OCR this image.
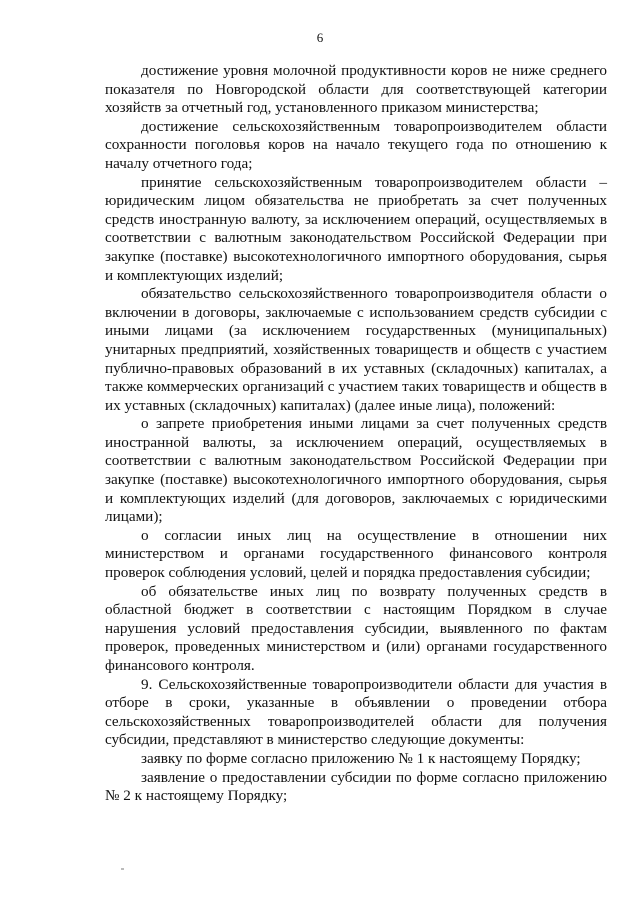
6

достижение уровня молочной продуктивности коров не ниже среднего показателя по Новгородской области для соответствующей категории хозяйств за отчетный год, установленного приказом министерства;

достижение сельскохозяйственным товаропроизводителем области сохранности поголовья коров на начало текущего года по отношению к началу отчетного года;

принятие сельскохозяйственным товаропроизводителем области – юридическим лицом обязательства не приобретать за счет полученных средств иностранную валюту, за исключением операций, осуществляемых в соответствии с валютным законодательством Российской Федерации при закупке (поставке) высокотехнологичного импортного оборудования, сырья и комплектующих изделий;

обязательство сельскохозяйственного товаропроизводителя области о включении в договоры, заключаемые с использованием средств субсидии с иными лицами (за исключением государственных (муниципальных) унитарных предприятий, хозяйственных товариществ и обществ с участием публично-правовых образований в их уставных (складочных) капиталах, а также коммерческих организаций с участием таких товариществ и обществ в их уставных (складочных) капиталах) (далее иные лица), положений:

о запрете приобретения иными лицами за счет полученных средств иностранной валюты, за исключением операций, осуществляемых в соответствии с валютным законодательством Российской Федерации при закупке (поставке) высокотехнологичного импортного оборудования, сырья и комплектующих изделий (для договоров, заключаемых с юридическими лицами);

о согласии иных лиц на осуществление в отношении них министерством и органами государственного финансового контроля проверок соблюдения условий, целей и порядка предоставления субсидии;

об обязательстве иных лиц по возврату полученных средств в областной бюджет в соответствии с настоящим Порядком в случае нарушения условий предоставления субсидии, выявленного по фактам проверок, проведенных министерством и (или) органами государственного финансового контроля.

9. Сельскохозяйственные товаропроизводители области для участия в отборе в сроки, указанные в объявлении о проведении отбора сельскохозяйственных товаропроизводителей области для получения субсидии, представляют в министерство следующие документы:

заявку по форме согласно приложению № 1 к настоящему Порядку;

заявление о предоставлении субсидии по форме согласно приложению № 2 к настоящему Порядку;
